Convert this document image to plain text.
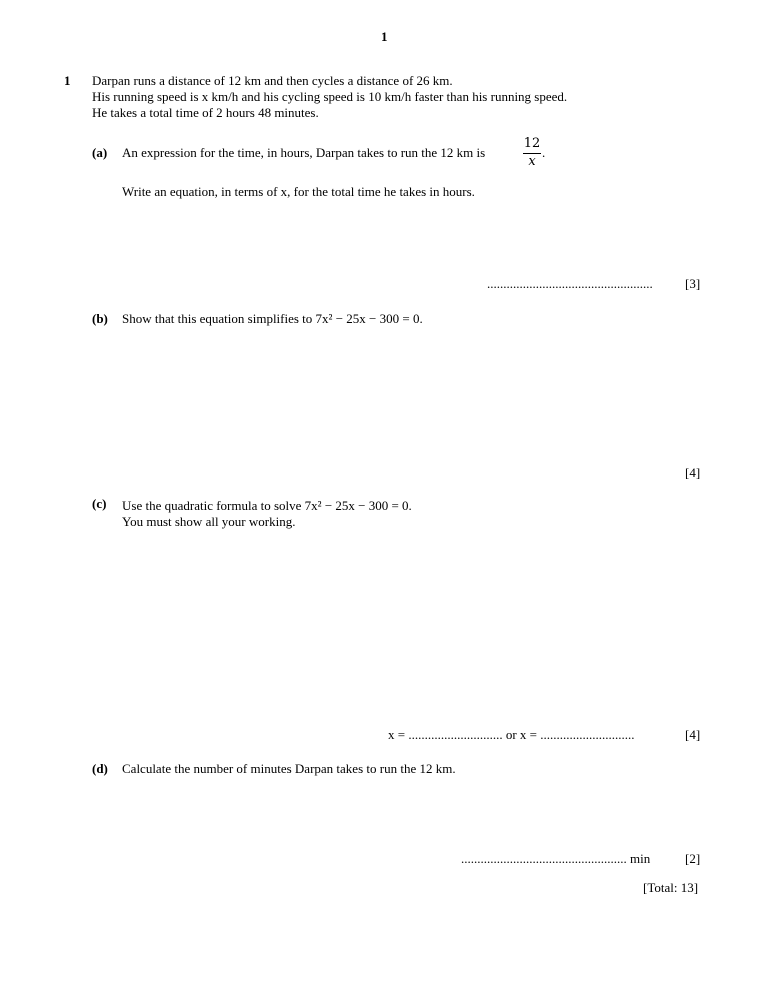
1
1 Darpan runs a distance of 12 km and then cycles a distance of 26 km.
His running speed is x km/h and his cycling speed is 10 km/h faster than his running speed.
He takes a total time of 2 hours 48 minutes.
(a) An expression for the time, in hours, Darpan takes to run the 12 km is
12
x
.
Write an equation, in terms of x, for the total time he takes in hours.
................................................... [3]
(b) Show that this equation simplifies to 7x² − 25x − 300 = 0.
[4]
(c) Use the quadratic formula to solve 7x² − 25x − 300 = 0.
You must show all your working.
x = ............................. or x = .............................	[4]
(d) Calculate the number of minutes Darpan takes to run the 12 km.
................................................... min	[2]
[Total: 13]
